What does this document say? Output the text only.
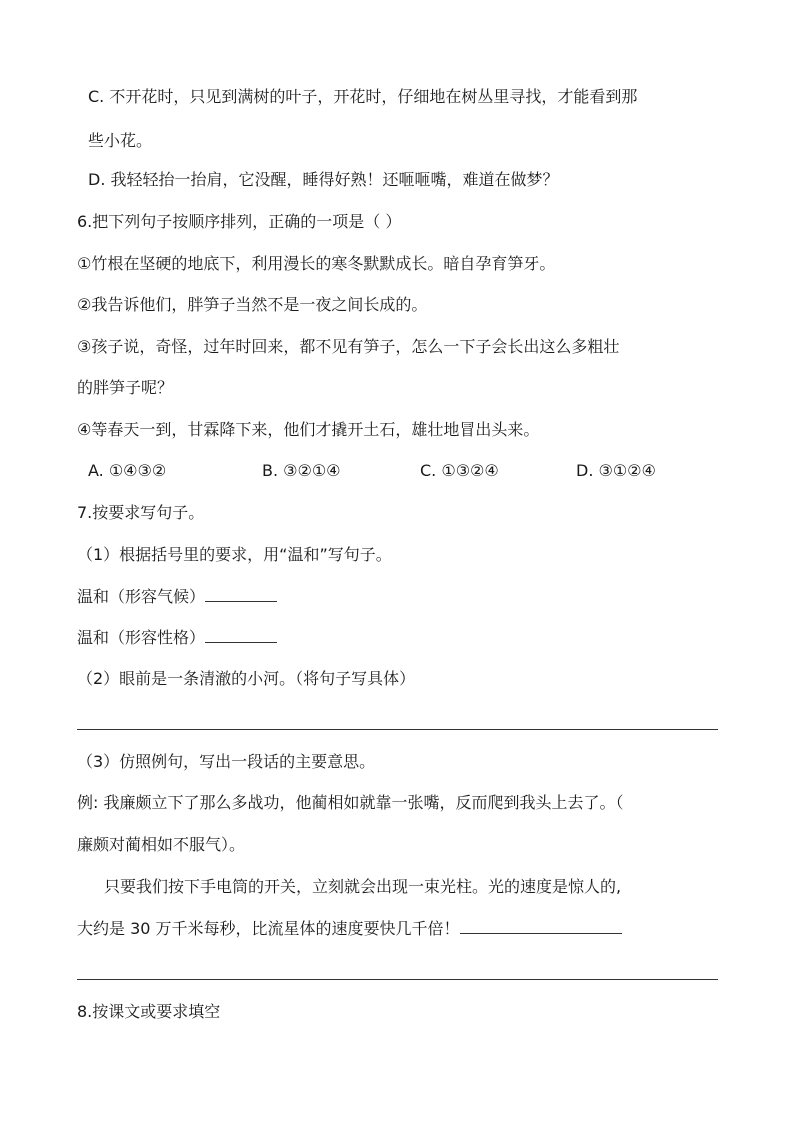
C. 不开花时，只见到满树的叶子，开花时，仔细地在树丛里寻找，才能看到那
些小花。
D. 我轻轻抬一抬肩，它没醒，睡得好熟！还咂咂嘴，难道在做梦？
6.把下列句子按顺序排列，正确的一项是（ ）
①竹根在坚硬的地底下，利用漫长的寒冬默默成长。暗自孕育笋牙。
②我告诉他们，胖笋子当然不是一夜之间长成的。
③孩子说，奇怪，过年时回来，都不见有笋子，怎么一下子会长出这么多粗壮
的胖笋子呢？
④等春天一到，甘霖降下来，他们才撬开土石，雄壮地冒出头来。
A. ①④③②	B. ③②①④	C. ①③②④	D. ③①②④
7.按要求写句子。
（1）根据括号里的要求，用“温和”写句子。
温和（形容气候）
温和（形容性格）
（2）眼前是一条清澈的小河。（将句子写具体）
（3）仿照例句，写出一段话的主要意思。
例: 我廉颇立下了那么多战功，他蔺相如就靠一张嘴，反而爬到我头上去了。（
廉颇对蔺相如不服气）。
只要我们按下手电筒的开关，立刻就会出现一束光柱。光的速度是惊人的,
大约是 30 万千米每秒，比流星体的速度要快几千倍！
8.按课文或要求填空
